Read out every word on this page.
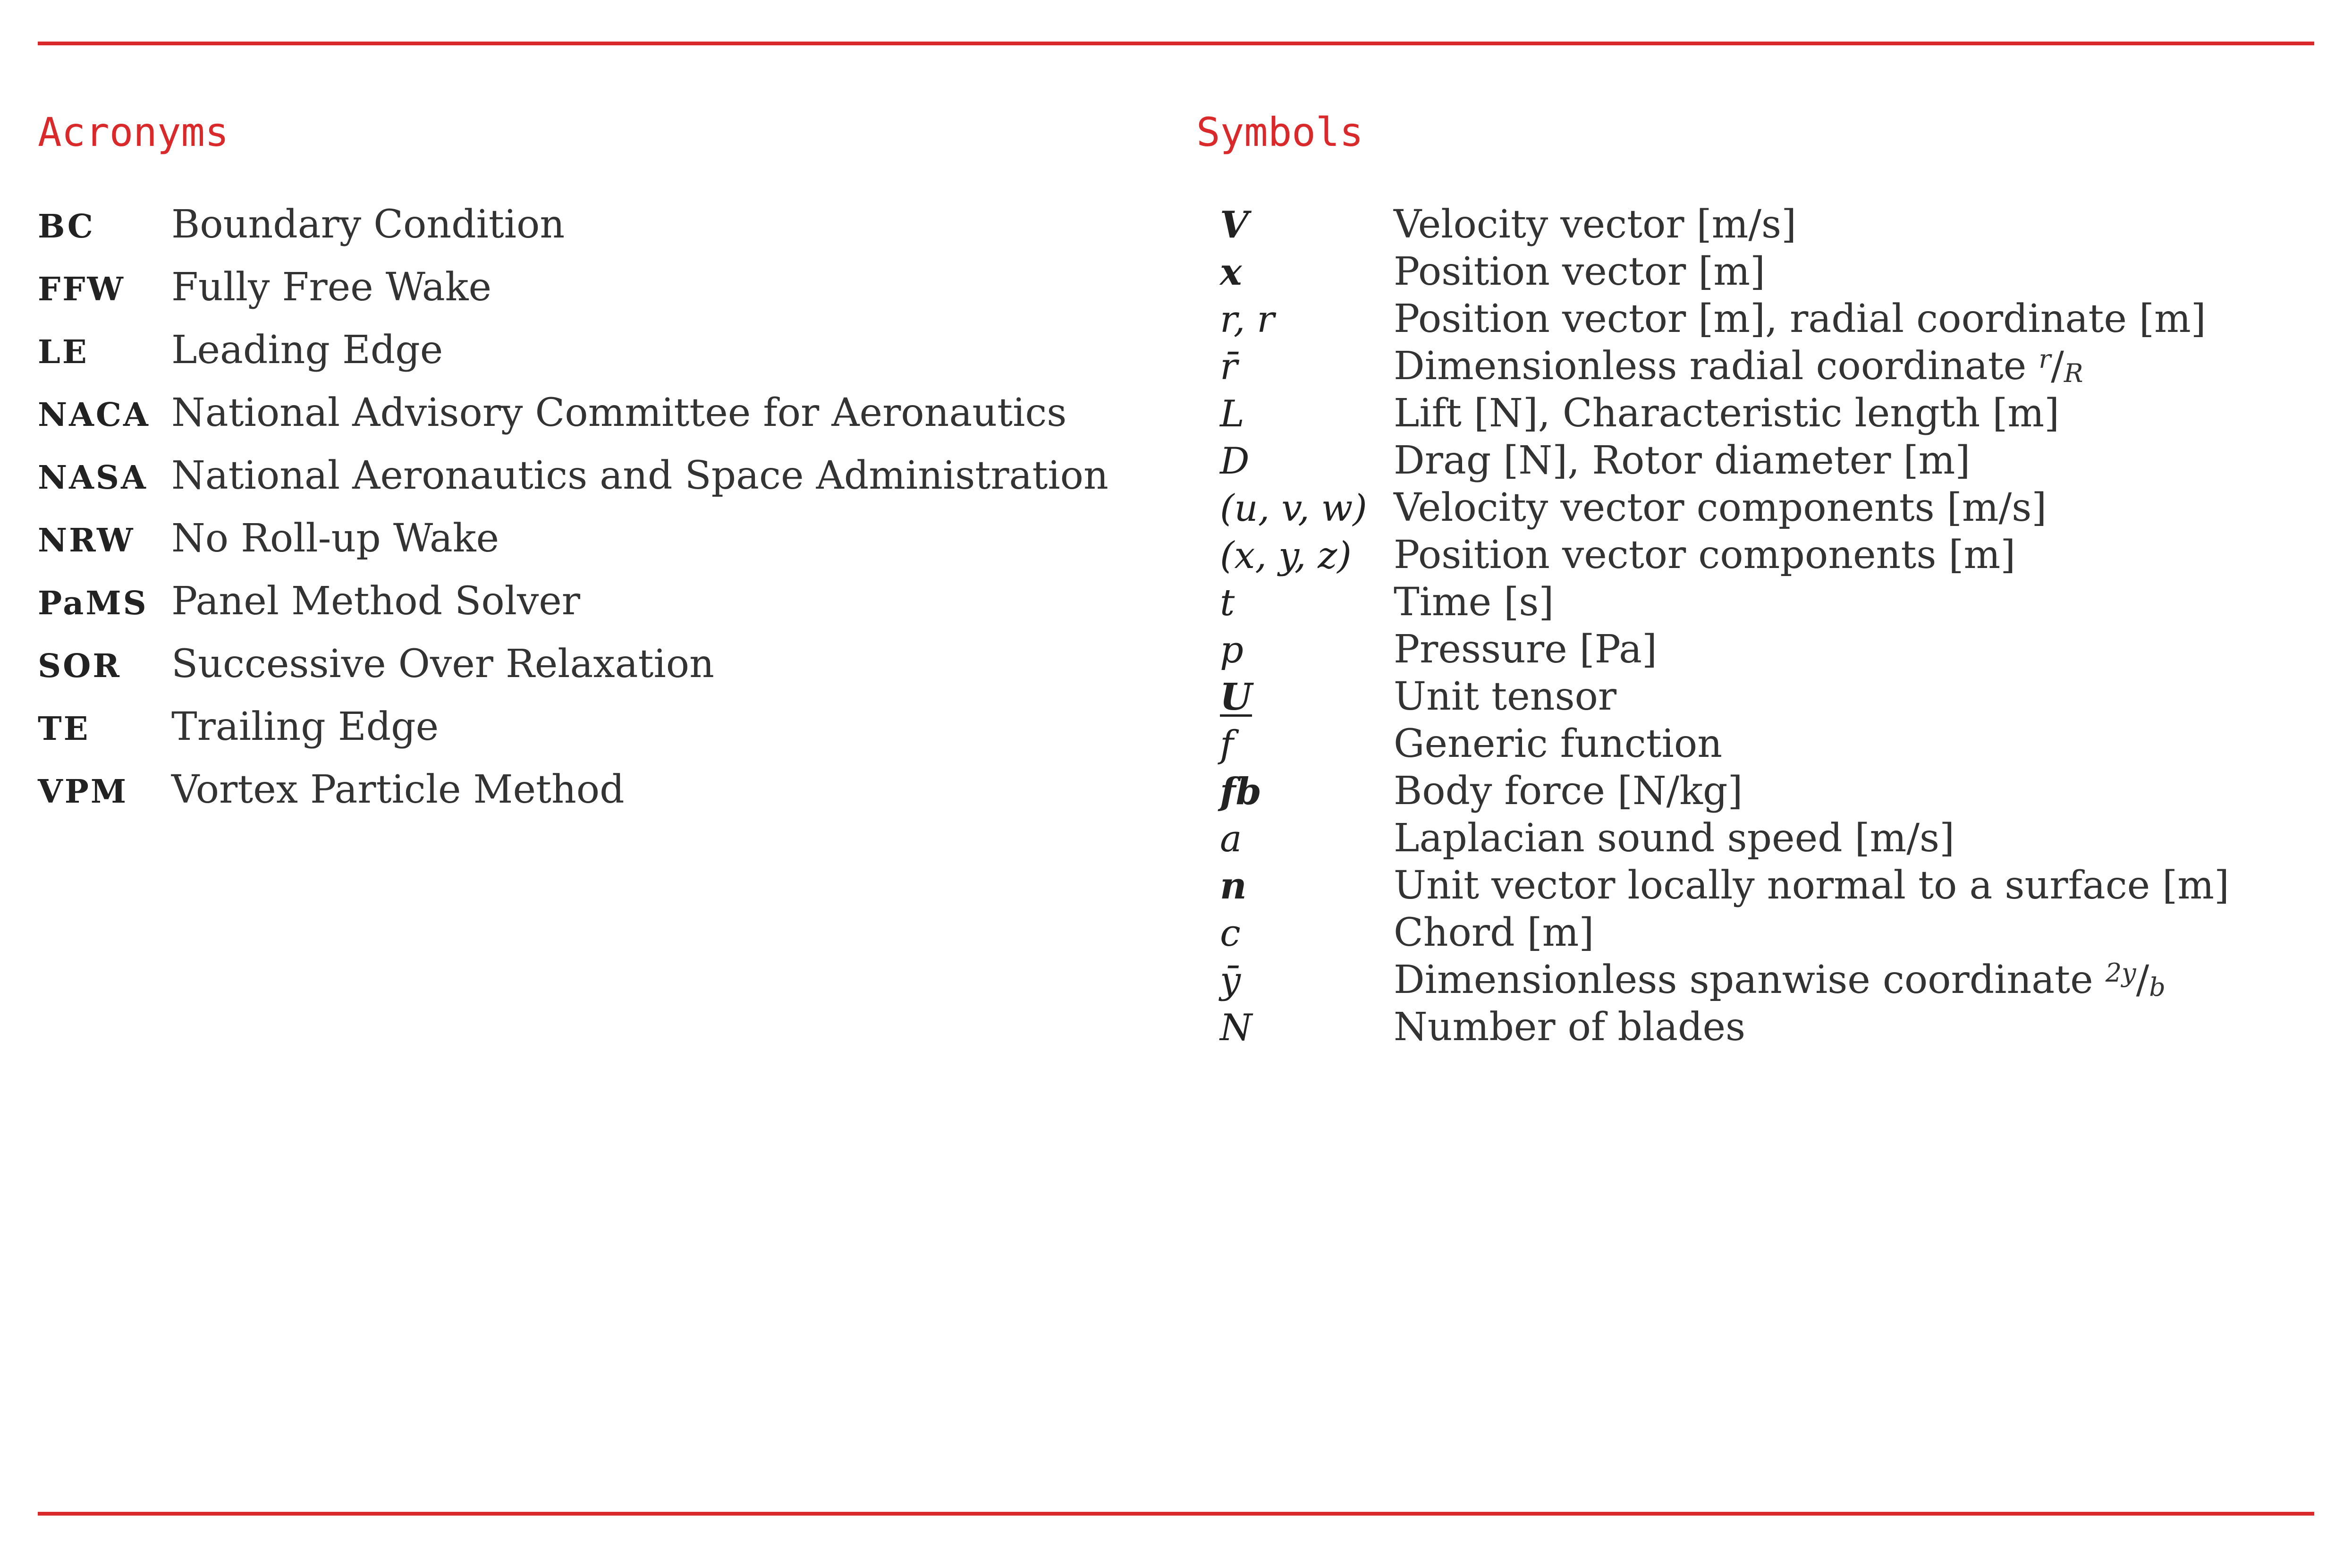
Acronyms	Symbols
BC	Boundary Condition
FFW	Fully Free Wake
LE	Leading Edge
NACA National Advisory Committee for Aeronautics
NASA National Aeronautics and Space Administration
NRW No Roll-up Wake
PaMS Panel Method Solver
SOR	Successive Over Relaxation
TE	Trailing Edge
VPM	Vortex Particle Method
V	Velocity vector [m/s]
x	Position vector [m]
r, r	Position vector [m], radial coordinate [m]
r̄	Dimensionless radial coordinate $^r$/R
L	Lift [N], Characteristic length [m]
D	Drag [N], Rotor diameter [m]
(u, v, w) Velocity vector components [m/s]
(x, y, z)	Position vector components [m]
t	Time [s]
p	Pressure [Pa]
U	Unit tensor
f	Generic function
fb	Body force [N/kg]
a	Laplacian sound speed [m/s]
n	Unit vector locally normal to a surface [m]
c	Chord [m]
ȳ	Dimensionless spanwise coordinate $^{2y}$/b
N	Number of blades
